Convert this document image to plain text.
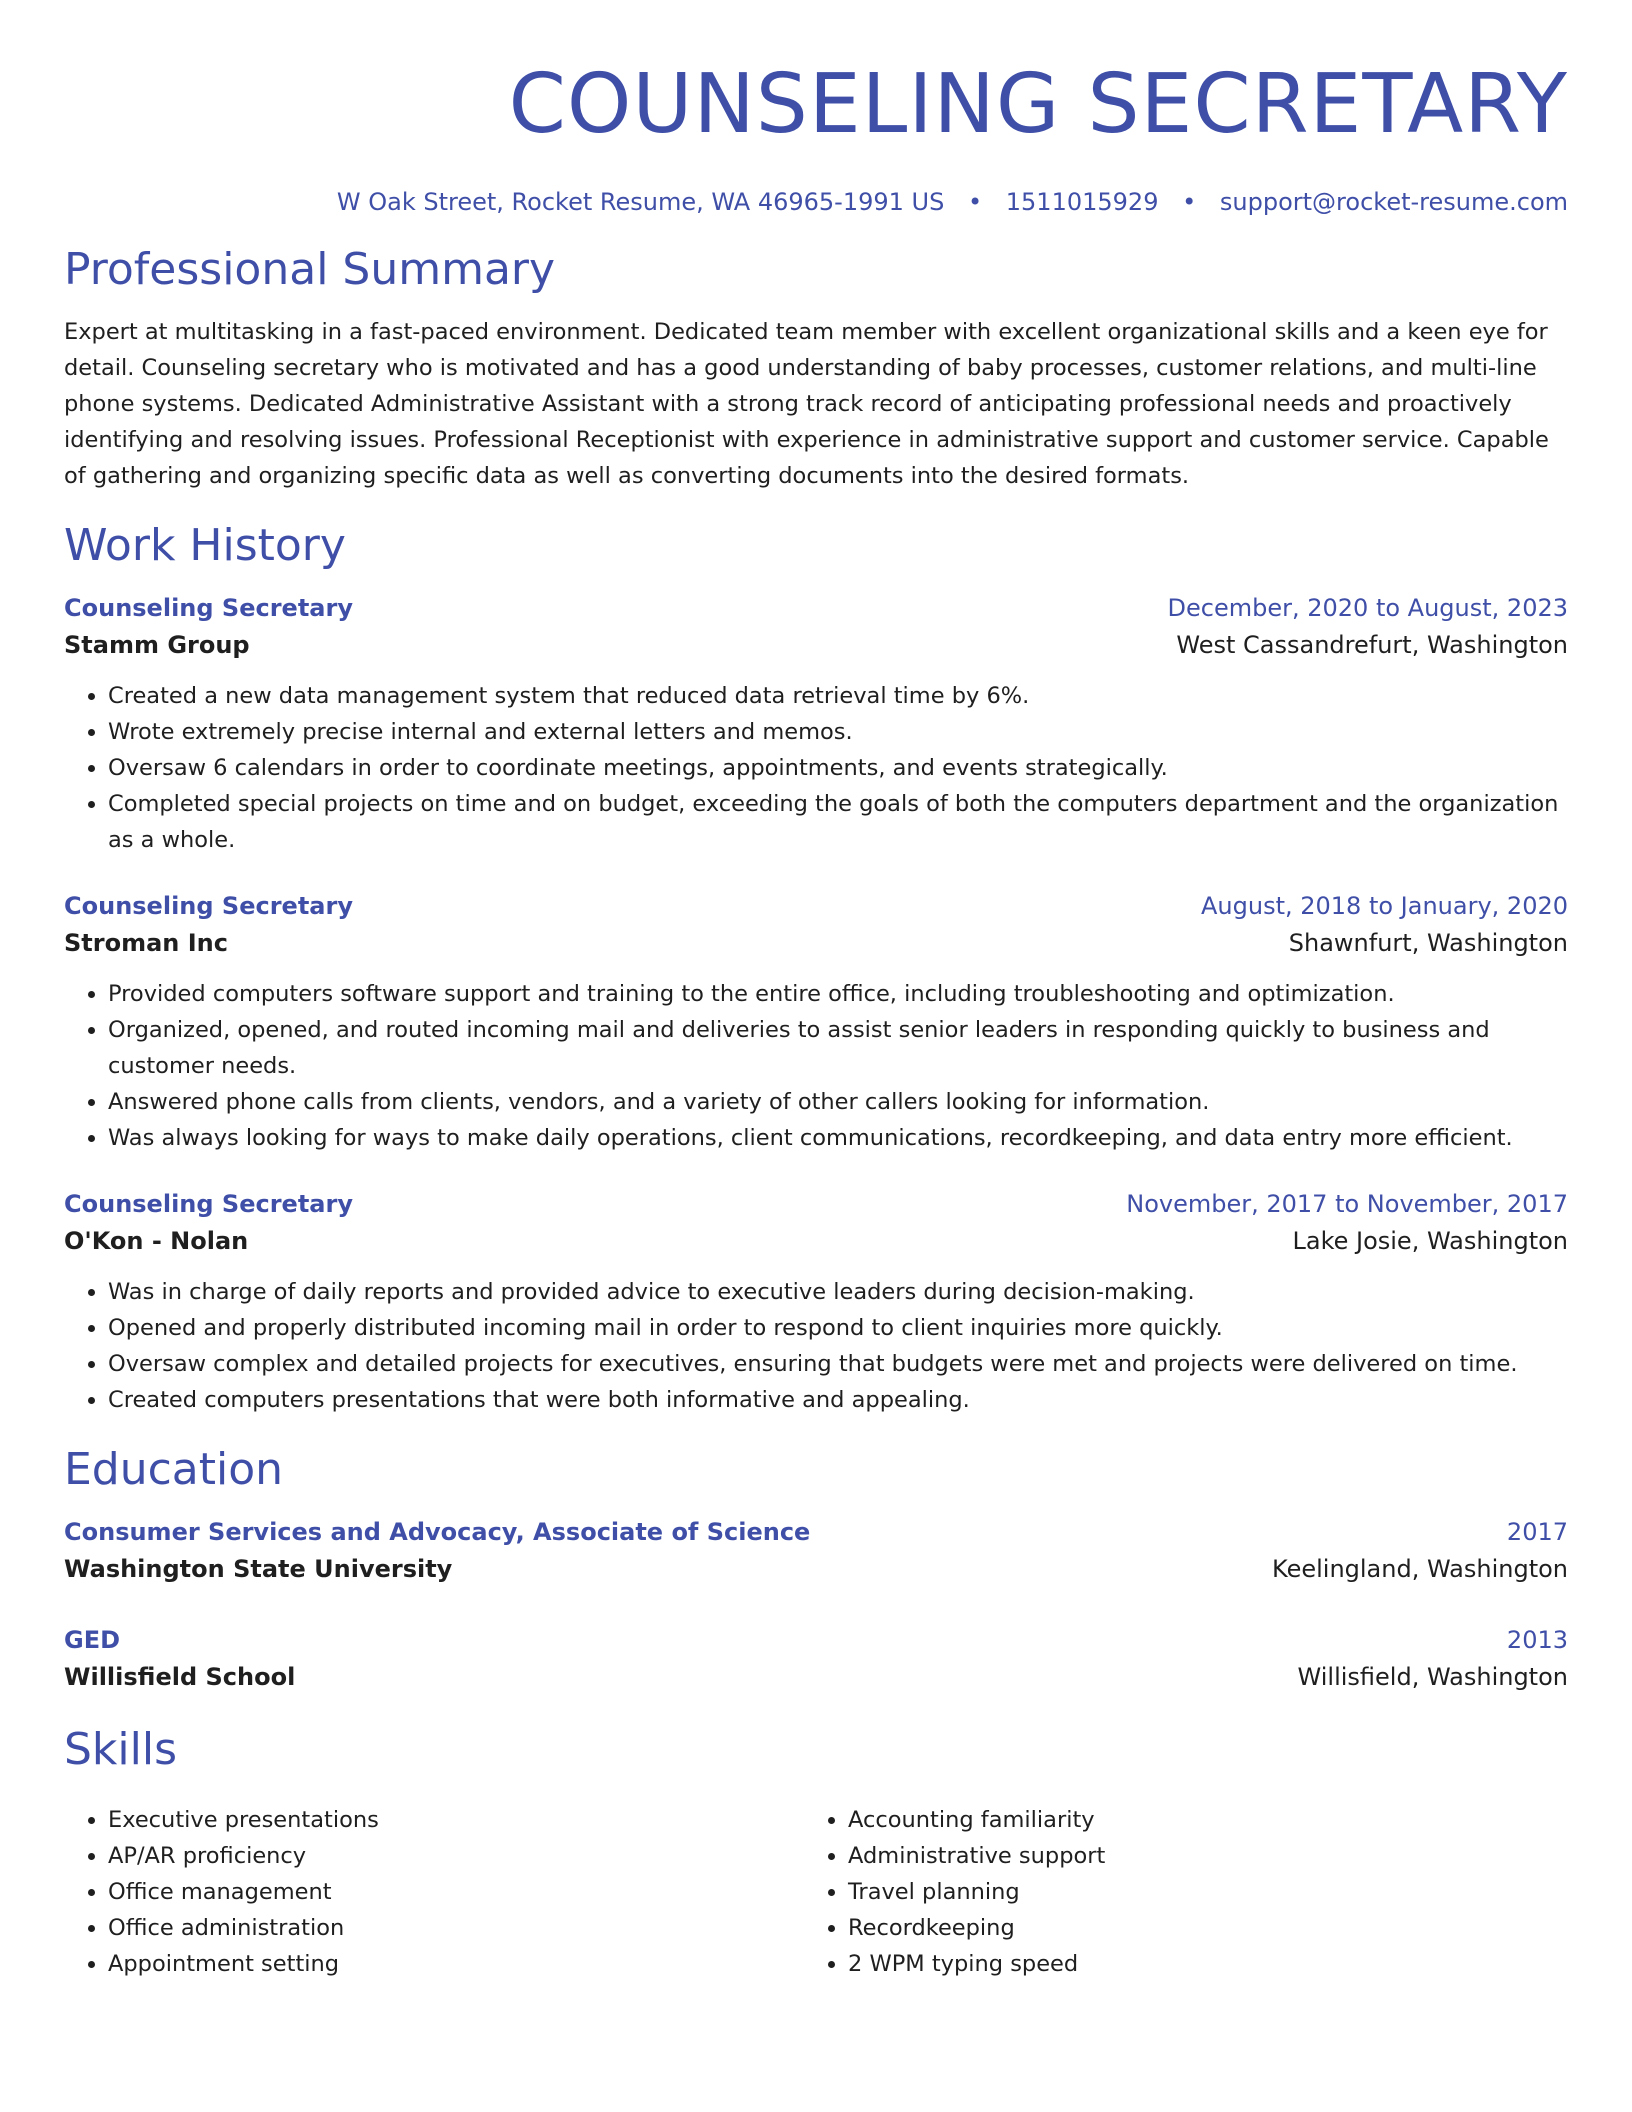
COUNSELING SECRETARY
W Oak Street, Rocket Resume, WA 46965-1991 US • 1511015929 • support@rocket-resume.com
Professional Summary
Expert at multitasking in a fast-paced environment. Dedicated team member with excellent organizational skills and a keen eye for detail. Counseling secretary who is motivated and has a good understanding of baby processes, customer relations, and multi-line phone systems. Dedicated Administrative Assistant with a strong track record of anticipating professional needs and proactively identifying and resolving issues. Professional Receptionist with experience in administrative support and customer service. Capable of gathering and organizing specific data as well as converting documents into the desired formats.
Work History
Counseling Secretary	December, 2020 to August, 2023
Stamm Group	West Cassandrefurt, Washington
• Created a new data management system that reduced data retrieval time by 6%.
• Wrote extremely precise internal and external letters and memos.
• Oversaw 6 calendars in order to coordinate meetings, appointments, and events strategically.
• Completed special projects on time and on budget, exceeding the goals of both the computers department and the organization as a whole.
Counseling Secretary	August, 2018 to January, 2020
Stroman Inc	Shawnfurt, Washington
• Provided computers software support and training to the entire office, including troubleshooting and optimization.
• Organized, opened, and routed incoming mail and deliveries to assist senior leaders in responding quickly to business and customer needs.
• Answered phone calls from clients, vendors, and a variety of other callers looking for information.
• Was always looking for ways to make daily operations, client communications, recordkeeping, and data entry more efficient.
Counseling Secretary	November, 2017 to November, 2017
O'Kon - Nolan	Lake Josie, Washington
• Was in charge of daily reports and provided advice to executive leaders during decision-making.
• Opened and properly distributed incoming mail in order to respond to client inquiries more quickly.
• Oversaw complex and detailed projects for executives, ensuring that budgets were met and projects were delivered on time.
• Created computers presentations that were both informative and appealing.
Education
Consumer Services and Advocacy, Associate of Science	2017
Washington State University	Keelingland, Washington
GED	2013
Willisfield School	Willisfield, Washington
Skills
• Executive presentations
• AP/AR proficiency
• Office management
• Office administration
• Appointment setting
• Accounting familiarity
• Administrative support
• Travel planning
• Recordkeeping
• 2 WPM typing speed
